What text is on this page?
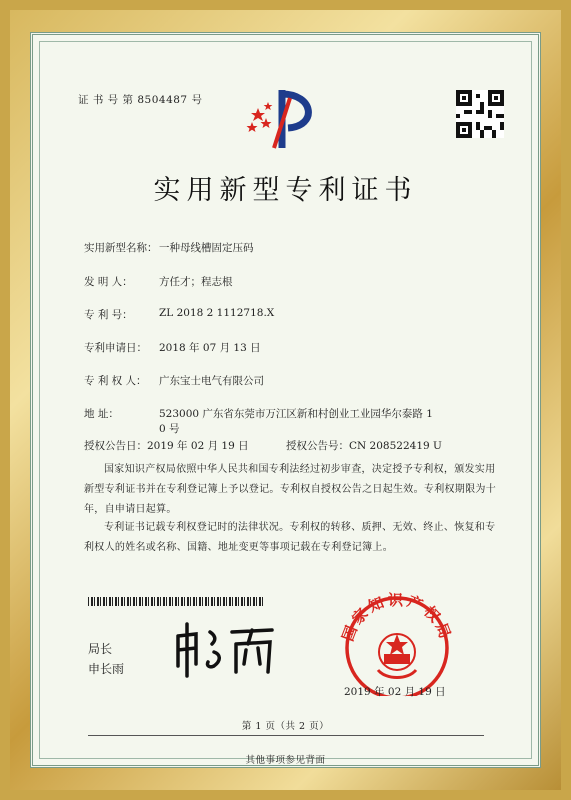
证 书 号 第 8504487 号
实用新型专利证书
实用新型名称： 一种母线槽固定压码
发 明 人：	方任才；程志根
专 利 号：	ZL 2018 2 1112718.X
专利申请日： 2018 年 07 月 13 日
专 利 权 人： 广东宝士电气有限公司
地 址：	523000 广东省东莞市万江区新和村创业工业园华尔泰路 1
0 号
授权公告日：2019 年 02 月 19 日	授权公告号：CN 208522419 U
国家知识产权局依照中华人民共和国专利法经过初步审查，决定授予专利权，颁发实用
新型专利证书并在专利登记簿上予以登记。专利权自授权公告之日起生效。专利权期限为十
年，自申请日起算。
专利证书记载专利权登记时的法律状况。专利权的转移、质押、无效、终止、恢复和专
利权人的姓名或名称、国籍、地址变更等事项记载在专利登记簿上。
局长
申长雨
国家知识产权局
2019 年 02 月 19 日
第 1 页（共 2 页）
其他事项参见背面
